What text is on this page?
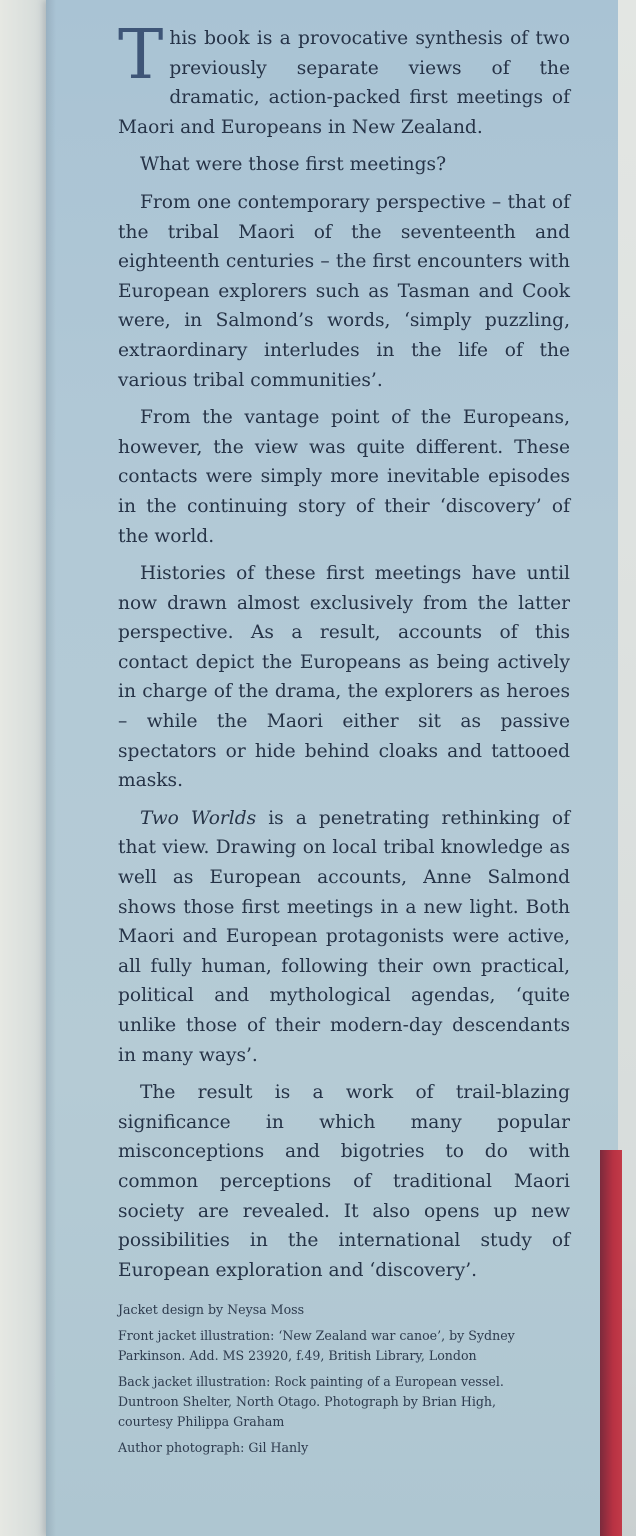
This book is a provocative synthesis of two previously separate views of the dramatic, action-packed first meetings of Maori and Europeans in New Zealand.

What were those first meetings?

From one contemporary perspective – that of the tribal Maori of the seventeenth and eighteenth centuries – the first encounters with European explorers such as Tasman and Cook were, in Salmond’s words, ‘simply puzzling, extraordinary interludes in the life of the various tribal communities’.

From the vantage point of the Europeans, however, the view was quite different. These contacts were simply more inevitable episodes in the continuing story of their ‘discovery’ of the world.

Histories of these first meetings have until now drawn almost exclusively from the latter perspective. As a result, accounts of this contact depict the Europeans as being actively in charge of the drama, the explorers as heroes – while the Maori either sit as passive spectators or hide behind cloaks and tattooed masks.

Two Worlds is a penetrating rethinking of that view. Drawing on local tribal knowledge as well as European accounts, Anne Salmond shows those first meetings in a new light. Both Maori and European protagonists were active, all fully human, following their own practical, political and mythological agendas, ‘quite unlike those of their modern-day descendants in many ways’.

The result is a work of trail-blazing significance in which many popular misconceptions and bigotries to do with common perceptions of traditional Maori society are revealed. It also opens up new possibilities in the international study of European exploration and ‘discovery’.

Jacket design by Neysa Moss

Front jacket illustration: ‘New Zealand war canoe’, by Sydney Parkinson. Add. MS 23920, f.49, British Library, London

Back jacket illustration: Rock painting of a European vessel. Duntroon Shelter, North Otago. Photograph by Brian High, courtesy Philippa Graham

Author photograph: Gil Hanly
